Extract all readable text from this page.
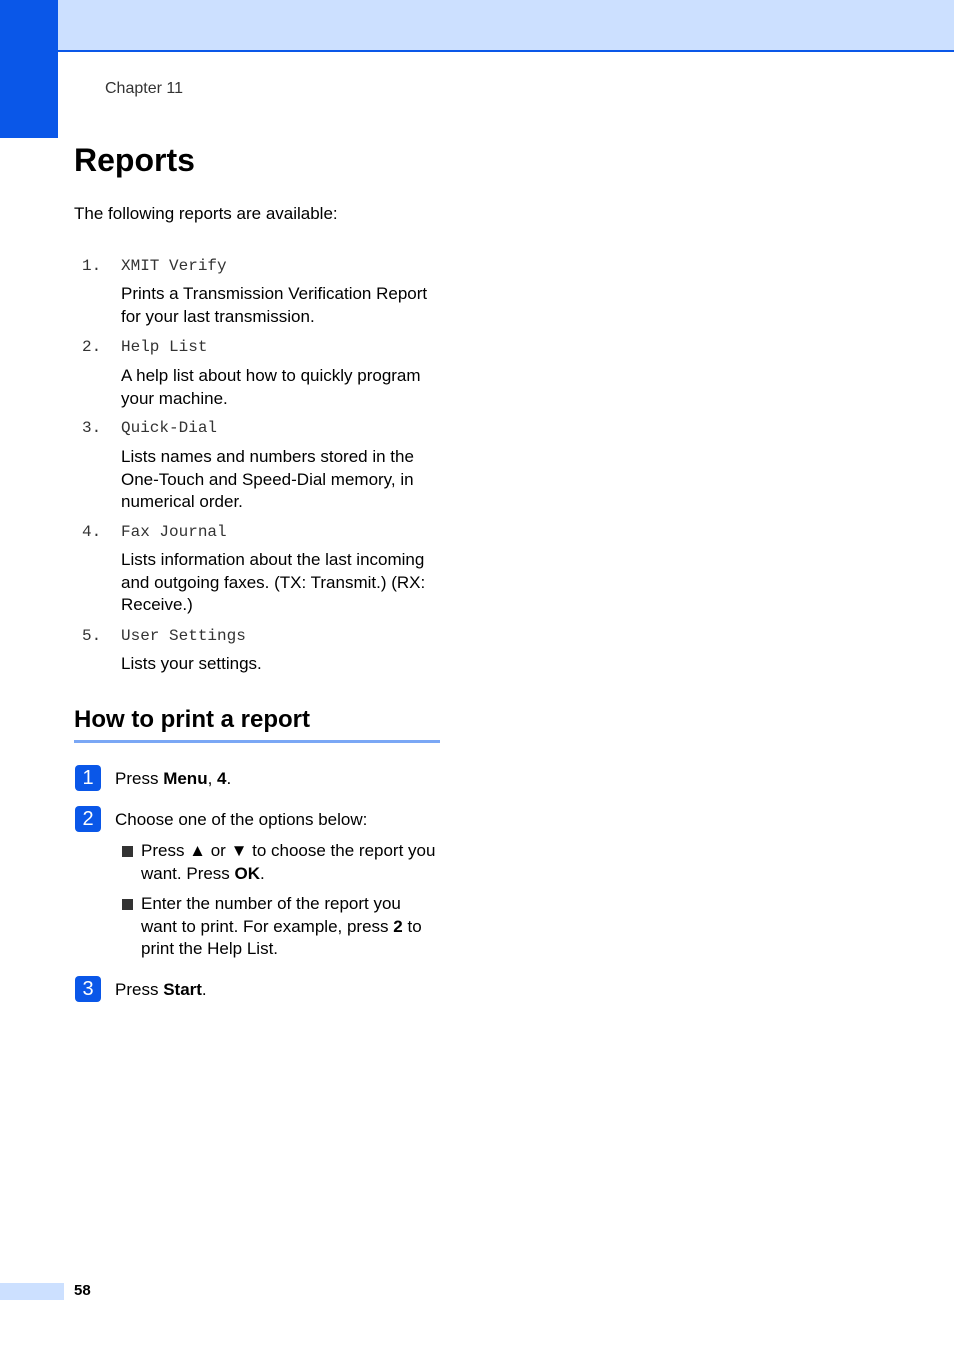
Chapter 11
Reports

The following reports are available:

1. XMIT Verify

Prints a Transmission Verification Report for your last transmission.

2. Help List

A help list about how to quickly program your machine.

3. Quick-Dial

Lists names and numbers stored in the One-Touch and Speed-Dial memory, in numerical order.

4. Fax Journal

Lists information about the last incoming and outgoing faxes. (TX: Transmit.) (RX: Receive.)

5. User Settings

Lists your settings.

How to print a report
1	Press Menu, 4.

2	Choose one of the options below:

Press ▲ or ▼ to choose the report you want. Press OK.

Enter the number of the report you want to print. For example, press 2 to print the Help List.

3	Press Start.

58
